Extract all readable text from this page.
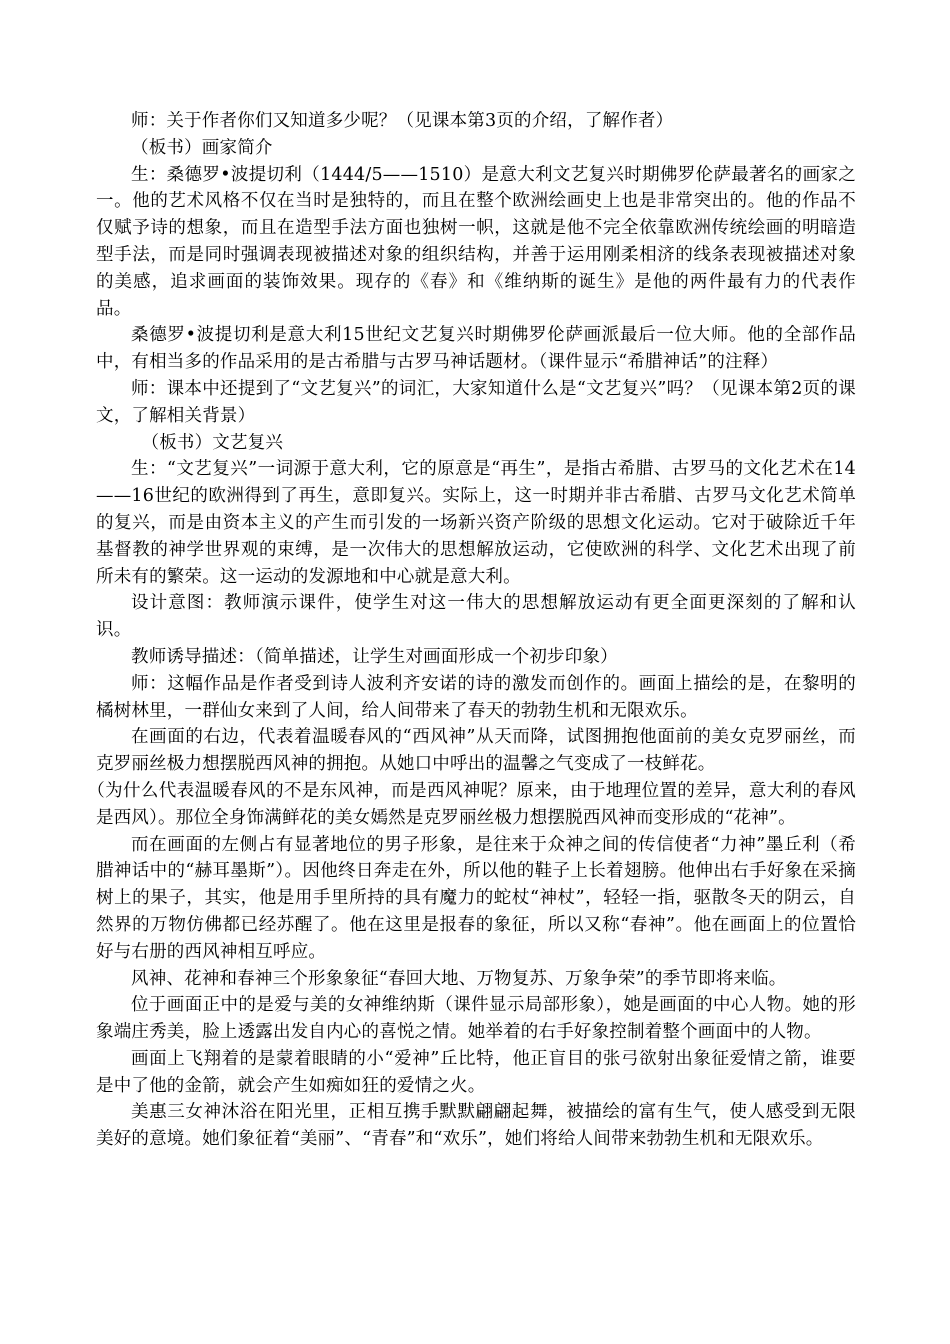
师：关于作者你们又知道多少呢？（见课本第3页的介绍，了解作者）

（板书）画家简介

生：桑德罗•波提切利（1444/5——1510）是意大利文艺复兴时期佛罗伦萨最著名的画家之一。他的艺术风格不仅在当时是独特的，而且在整个欧洲绘画史上也是非常突出的。他的作品不仅赋予诗的想象，而且在造型手法方面也独树一帜，这就是他不完全依靠欧洲传统绘画的明暗造型手法，而是同时强调表现被描述对象的组织结构，并善于运用刚柔相济的线条表现被描述对象的美感，追求画面的装饰效果。现存的《春》和《维纳斯的诞生》是他的两件最有力的代表作品。

桑德罗•波提切利是意大利15世纪文艺复兴时期佛罗伦萨画派最后一位大师。他的全部作品中，有相当多的作品采用的是古希腊与古罗马神话题材。（课件显示“希腊神话”的注释）

师：课本中还提到了“文艺复兴”的词汇，大家知道什么是“文艺复兴”吗？（见课本第2页的课文，了解相关背景）

（板书）文艺复兴

生：“文艺复兴”一词源于意大利，它的原意是“再生”，是指古希腊、古罗马的文化艺术在14——16世纪的欧洲得到了再生，意即复兴。实际上，这一时期并非古希腊、古罗马文化艺术简单的复兴，而是由资本主义的产生而引发的一场新兴资产阶级的思想文化运动。它对于破除近千年基督教的神学世界观的束缚，是一次伟大的思想解放运动，它使欧洲的科学、文化艺术出现了前所未有的繁荣。这一运动的发源地和中心就是意大利。

设计意图：教师演示课件，使学生对这一伟大的思想解放运动有更全面更深刻的了解和认识。

教师诱导描述：（简单描述，让学生对画面形成一个初步印象）

师：这幅作品是作者受到诗人波利齐安诺的诗的激发而创作的。画面上描绘的是，在黎明的橘树林里，一群仙女来到了人间，给人间带来了春天的勃勃生机和无限欢乐。

在画面的右边，代表着温暖春风的“西风神”从天而降，试图拥抱他面前的美女克罗丽丝，而克罗丽丝极力想摆脱西风神的拥抱。从她口中呼出的温馨之气变成了一枝鲜花。

（为什么代表温暖春风的不是东风神，而是西风神呢？原来，由于地理位置的差异，意大利的春风是西风）。那位全身饰满鲜花的美女嫣然是克罗丽丝极力想摆脱西风神而变形成的“花神”。

而在画面的左侧占有显著地位的男子形象，是往来于众神之间的传信使者“力神”墨丘利（希腊神话中的“赫耳墨斯”）。因他终日奔走在外，所以他的鞋子上长着翅膀。他伸出右手好象在采摘树上的果子，其实，他是用手里所持的具有魔力的蛇杖“神杖”，轻轻一指，驱散冬天的阴云，自然界的万物仿佛都已经苏醒了。他在这里是报春的象征，所以又称“春神”。他在画面上的位置恰好与右册的西风神相互呼应。

风神、花神和春神三个形象象征“春回大地、万物复苏、万象争荣”的季节即将来临。

位于画面正中的是爱与美的女神维纳斯（课件显示局部形象），她是画面的中心人物。她的形象端庄秀美，脸上透露出发自内心的喜悦之情。她举着的右手好象控制着整个画面中的人物。

画面上飞翔着的是蒙着眼睛的小“爱神”丘比特，他正盲目的张弓欲射出象征爱情之箭，谁要是中了他的金箭，就会产生如痴如狂的爱情之火。

美惠三女神沐浴在阳光里，正相互携手默默翩翩起舞，被描绘的富有生气，使人感受到无限美好的意境。她们象征着“美丽”、“青春”和“欢乐”，她们将给人间带来勃勃生机和无限欢乐。
